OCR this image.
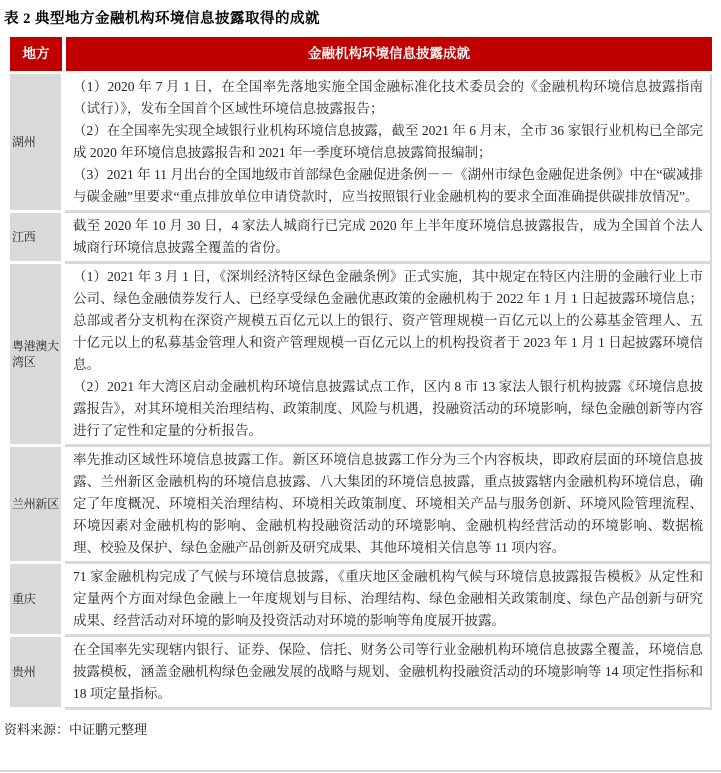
表 2 典型地方金融机构环境信息披露取得的成就
地方	金融机构环境信息披露成就
湖州
（1）2020 年 7 月 1 日，在全国率先落地实施全国金融标准化技术委员会的《金融机构环境信息披露指南（试行）》，发布全国首个区域性环境信息披露报告；
（2）在全国率先实现全域银行业机构环境信息披露，截至 2021 年 6 月末，全市 36 家银行业机构已全部完成 2020 年环境信息披露报告和 2021 年一季度环境信息披露简报编制；
（3）2021 年 11 月出台的全国地级市首部绿色金融促进条例－－《湖州市绿色金融促进条例》中在“碳减排与碳金融”里要求“重点排放单位申请贷款时，应当按照银行业金融机构的要求全面准确提供碳排放情况”。
江西
截至 2020 年 10 月 30 日，4 家法人城商行已完成 2020 年上半年度环境信息披露报告，成为全国首个法人城商行环境信息披露全覆盖的省份。
粤港澳大湾区
（1）2021 年 3 月 1 日，《深圳经济特区绿色金融条例》正式实施，其中规定在特区内注册的金融行业上市公司、绿色金融债券发行人、已经享受绿色金融优惠政策的金融机构于 2022 年 1 月 1 日起披露环境信息；总部或者分支机构在深资产规模五百亿元以上的银行、资产管理规模一百亿元以上的公募基金管理人、五十亿元以上的私募基金管理人和资产管理规模一百亿元以上的机构投资者于 2023 年 1 月 1 日起披露环境信息。
（2）2021 年大湾区启动金融机构环境信息披露试点工作，区内 8 市 13 家法人银行机构披露《环境信息披露报告》，对其环境相关治理结构、政策制度、风险与机遇，投融资活动的环境影响，绿色金融创新等内容进行了定性和定量的分析报告。
兰州新区
率先推动区域性环境信息披露工作。新区环境信息披露工作分为三个内容板块，即政府层面的环境信息披露、兰州新区金融机构的环境信息披露、八大集团的环境信息披露，重点披露辖内金融机构环境信息，确定了年度概况、环境相关治理结构、环境相关政策制度、环境相关产品与服务创新、环境风险管理流程、环境因素对金融机构的影响、金融机构投融资活动的环境影响、金融机构经营活动的环境影响、数据梳理、校验及保护、绿色金融产品创新及研究成果、其他环境相关信息等 11 项内容。
重庆
71 家金融机构完成了气候与环境信息披露，《重庆地区金融机构气候与环境信息披露报告模板》从定性和定量两个方面对绿色金融上一年度规划与目标、治理结构、绿色金融相关政策制度、绿色产品创新与研究成果、经营活动对环境的影响及投资活动对环境的影响等角度展开披露。
贵州
在全国率先实现辖内银行、证券、保险、信托、财务公司等行业金融机构环境信息披露全覆盖，环境信息披露模板，涵盖金融机构绿色金融发展的战略与规划、金融机构投融资活动的环境影响等 14 项定性指标和 18 项定量指标。
资料来源：中证鹏元整理
